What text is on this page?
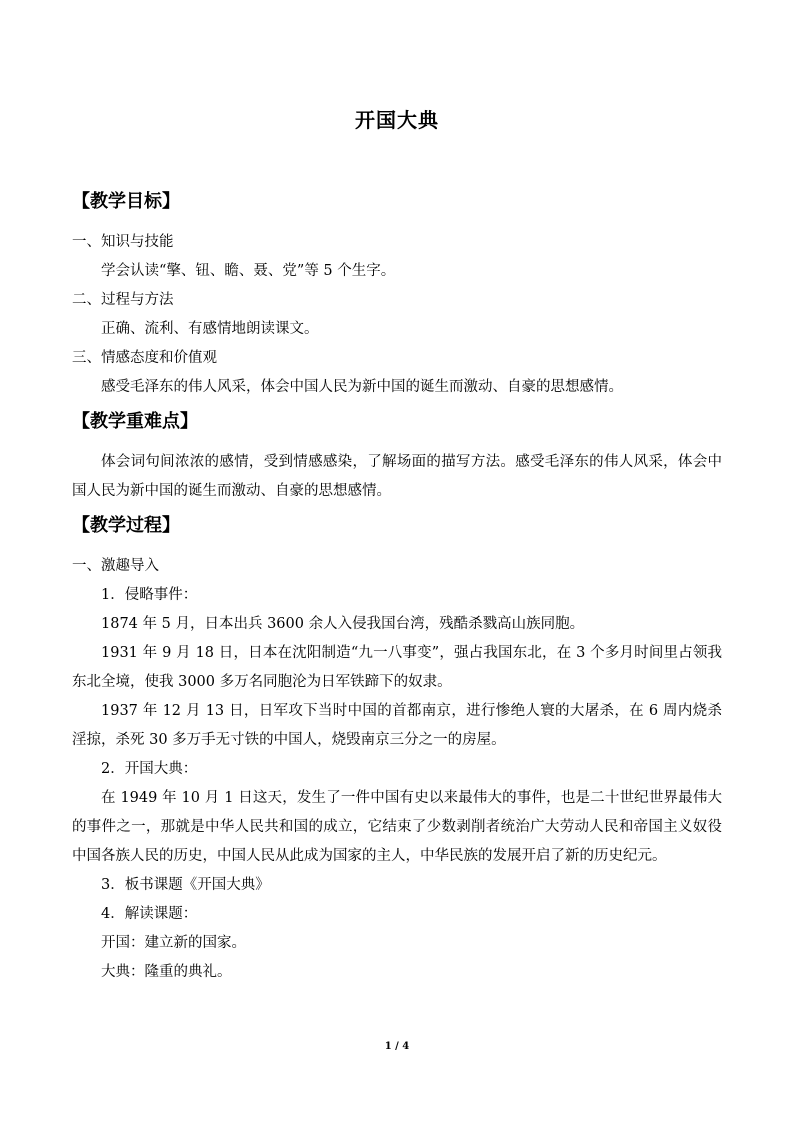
开国大典

【教学目标】

一、知识与技能

学会认读“擎、钮、瞻、聂、党”等 5 个生字。

二、过程与方法

正确、流利、有感情地朗读课文。

三、情感态度和价值观

感受毛泽东的伟人风采，体会中国人民为新中国的诞生而激动、自豪的思想感情。

【教学重难点】

体会词句间浓浓的感情，受到情感感染，了解场面的描写方法。感受毛泽东的伟人风采，体会中国人民为新中国的诞生而激动、自豪的思想感情。

【教学过程】

一、激趣导入

1．侵略事件：

1874 年 5 月，日本出兵 3600 余人入侵我国台湾，残酷杀戮高山族同胞。

1931 年 9 月 18 日，日本在沈阳制造“九一八事变”，强占我国东北，在 3 个多月时间里占领我东北全境，使我 3000 多万名同胞沦为日军铁蹄下的奴隶。

1937 年 12 月 13 日，日军攻下当时中国的首都南京，进行惨绝人寰的大屠杀，在 6 周内烧杀淫掠，杀死 30 多万手无寸铁的中国人，烧毁南京三分之一的房屋。

2．开国大典：

在 1949 年 10 月 1 日这天，发生了一件中国有史以来最伟大的事件，也是二十世纪世界最伟大的事件之一，那就是中华人民共和国的成立，它结束了少数剥削者统治广大劳动人民和帝国主义奴役中国各族人民的历史，中国人民从此成为国家的主人，中华民族的发展开启了新的历史纪元。

3．板书课题《开国大典》

4．解读课题：

开国：建立新的国家。

大典：隆重的典礼。

1 / 4
